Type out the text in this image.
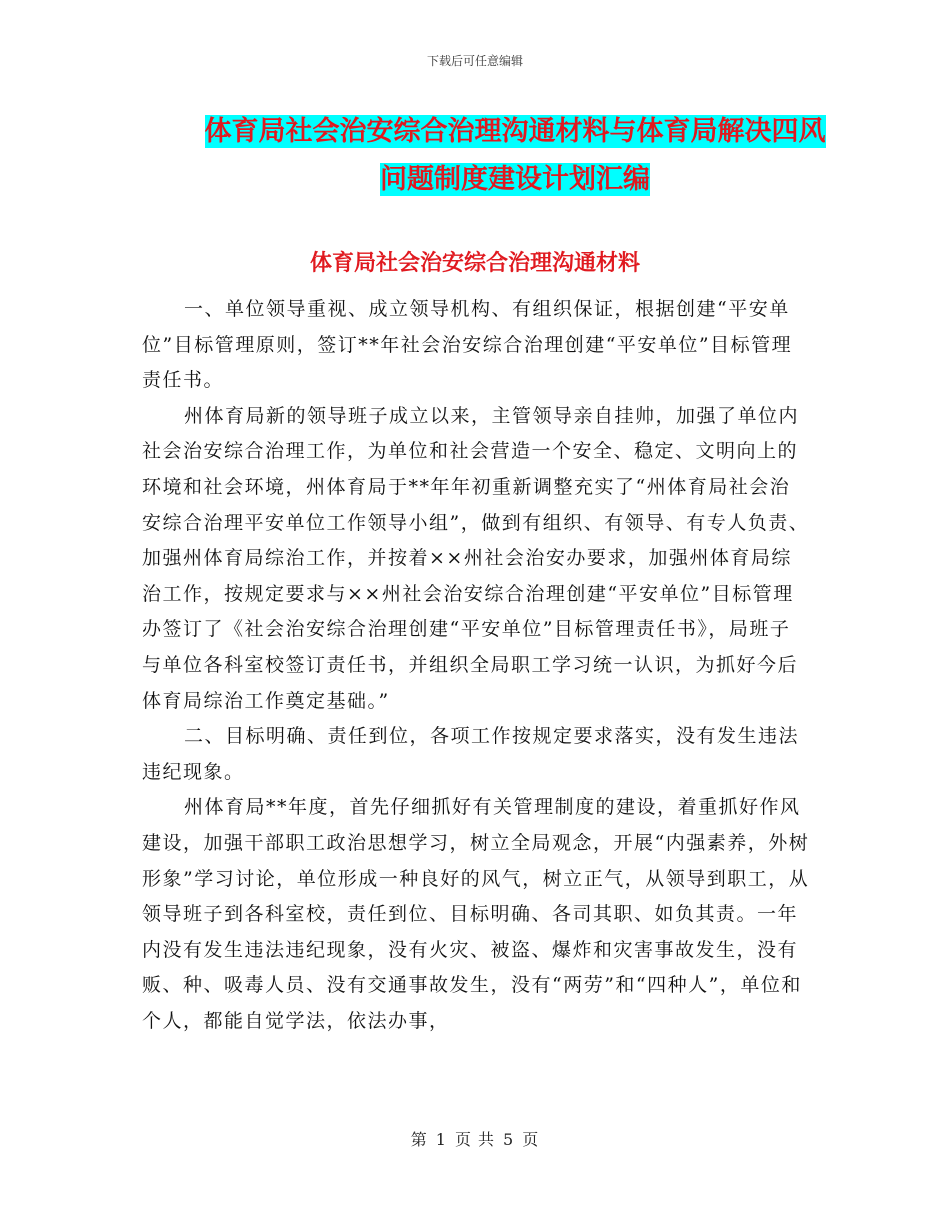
下载后可任意编辑
体育局社会治安综合治理沟通材料与体育局解决四风
问题制度建设计划汇编
体育局社会治安综合治理沟通材料

一、单位领导重视、成立领导机构、有组织保证，根据创建“平安单位”目标管理原则，签订**年社会治安综合治理创建“平安单位”目标管理责任书。

州体育局新的领导班子成立以来，主管领导亲自挂帅，加强了单位内社会治安综合治理工作，为单位和社会营造一个安全、稳定、文明向上的环境和社会环境，州体育局于**年年初重新调整充实了“州体育局社会治安综合治理平安单位工作领导小组”，做到有组织、有领导、有专人负责、加强州体育局综治工作，并按着××州社会治安办要求，加强州体育局综治工作，按规定要求与××州社会治安综合治理创建“平安单位”目标管理办签订了《社会治安综合治理创建“平安单位”目标管理责任书》，局班子与单位各科室校签订责任书，并组织全局职工学习统一认识，为抓好今后体育局综治工作奠定基础。”

二、目标明确、责任到位，各项工作按规定要求落实，没有发生违法违纪现象。

州体育局**年度，首先仔细抓好有关管理制度的建设，着重抓好作风建设，加强干部职工政治思想学习，树立全局观念，开展“内强素养，外树形象”学习讨论，单位形成一种良好的风气，树立正气，从领导到职工，从领导班子到各科室校，责任到位、目标明确、各司其职、如负其责。一年内没有发生违法违纪现象，没有火灾、被盗、爆炸和灾害事故发生，没有贩、种、吸毒人员、没有交通事故发生，没有“两劳”和“四种人”，单位和个人，都能自觉学法，依法办事，

第 1 页 共 5 页
